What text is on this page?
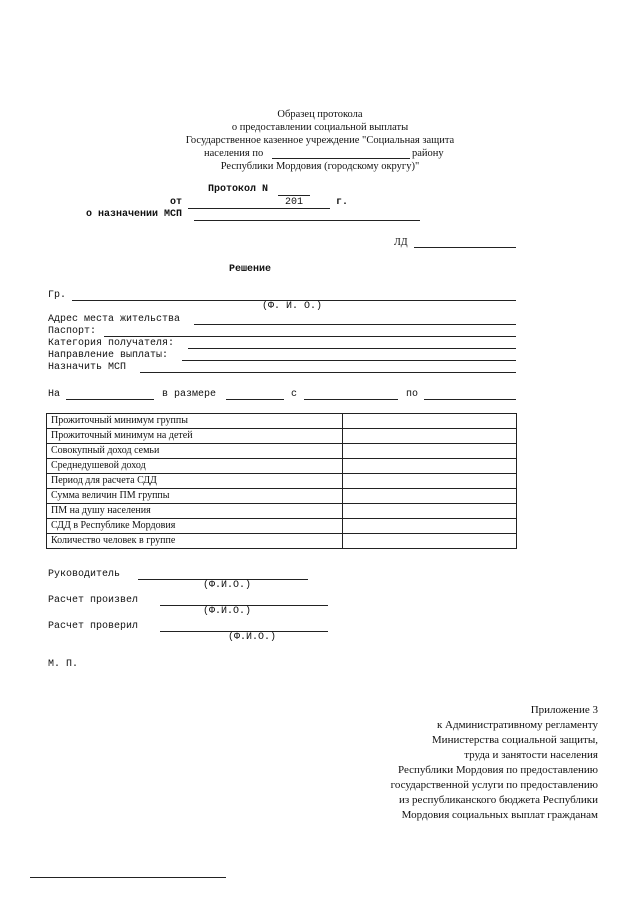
Образец протокола
о предоставлении социальной выплаты
Государственное казенное учреждение "Социальная защита
населения по	району
Республики Мордовия (городскому округу)"
Протокол N
от	201	г.
о назначении МСП
ЛД
Решение
Гр.
(Ф. И. О.)
Адрес места жительства
Паспорт:
Категория получателя:
Направление выплаты:
Назначить МСП
На	в размере	с	по
Прожиточный минимум группы	
Прожиточный минимум на детей	
Совокупный доход семьи	
Среднедушевой доход	
Период для расчета СДД	
Сумма величин ПМ группы	
ПМ на душу населения	
СДД в Республике Мордовия	
Количество человек в группе	
Руководитель
(Ф.И.О.)
Расчет произвел
(Ф.И.О.)
Расчет проверил
(Ф.И.О.)
М. П.
Приложение 3
к Административному регламенту
Министерства социальной защиты,
труда и занятости населения
Республики Мордовия по предоставлению
государственной услуги по предоставлению
из республиканского бюджета Республики
Мордовия социальных выплат гражданам
